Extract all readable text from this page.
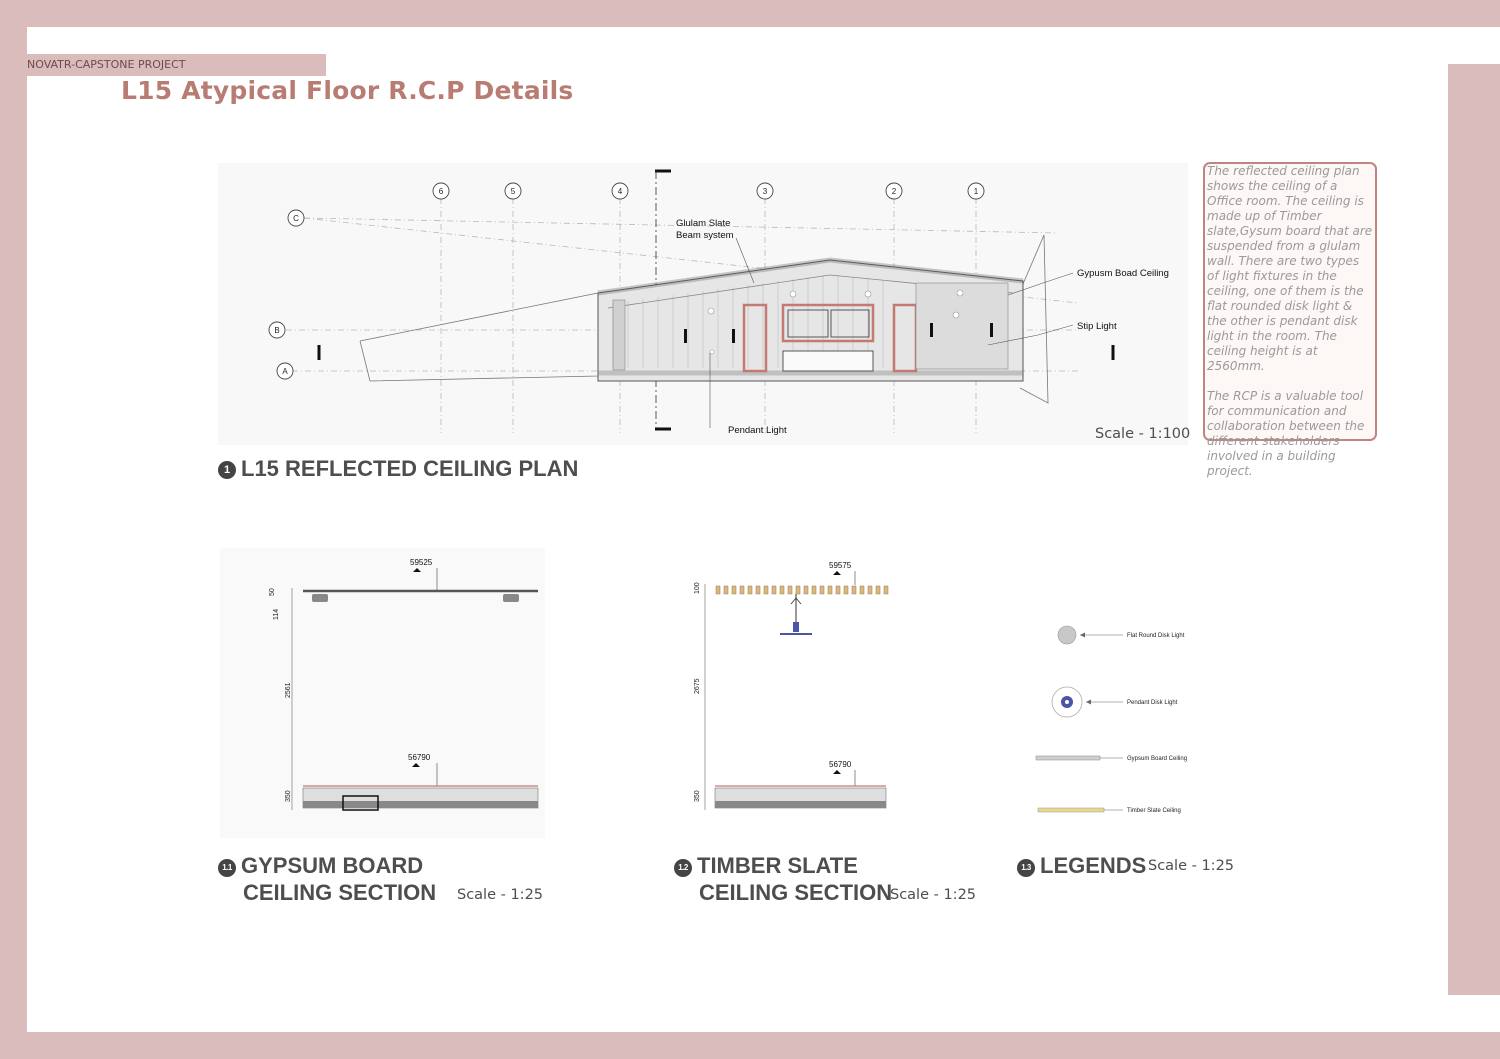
NOVATR-CAPSTONE PROJECT
L15 Atypical Floor R.C.P Details
6	5	4	3	2	1
C
B
A
Glulam Slate
Beam system
Gypusm Boad Ceiling
Stip Light
Pendant Light	Scale - 1:100

The reflected ceiling plan shows the ceiling of a Office room. The ceiling is made up of Timber slate,Gysum board that are suspended from a glulam wall. There are two types of light fixtures in the ceiling, one of them is the flat rounded disk light & the other is pendant disk light in the room. The ceiling height is at 2560mm.

The RCP is a valuable tool for communication and collaboration between the different stakeholders involved in a building project.

1 L15 REFLECTED CEILING PLAN
59525
50
114
2561
350
56790
1.1 GYPSUM BOARD
CEILING SECTION Scale - 1:25
59575
100
2675
350
56790
1.2 TIMBER SLATE
CEILING SECTION
Scale - 1:25
Flat Round Disk Light
Pendant Disk Light
Gypsum Board Ceiling
Timber Slate Ceiling
1.3 LEGENDS Scale - 1:25
